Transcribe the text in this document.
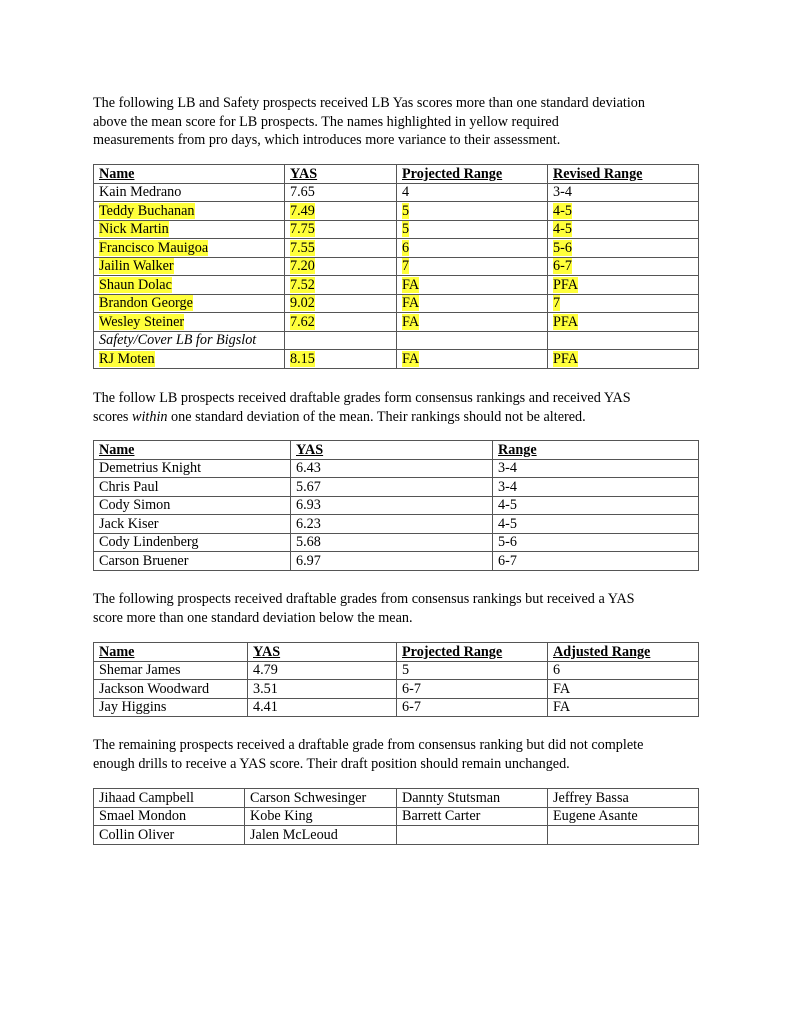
The following LB and Safety prospects received LB Yas scores more than one standard deviation
above the mean score for LB prospects. The names highlighted in yellow required
measurements from pro days, which introduces more variance to their assessment.
Name	YAS	Projected Range	Revised Range
Kain Medrano	7.65	4	3-4
Teddy Buchanan	7.49	5	4-5
Nick Martin	7.75	5	4-5
Francisco Mauigoa	7.55	6	5-6
Jailin Walker	7.20	7	6-7
Shaun Dolac	7.52	FA	PFA
Brandon George	9.02	FA	7
Wesley Steiner	7.62	FA	PFA
Safety/Cover LB for Bigslot			
RJ Moten	8.15	FA	PFA
The follow LB prospects received draftable grades form consensus rankings and received YAS
scores within one standard deviation of the mean. Their rankings should not be altered.
Name	YAS	Range
Demetrius Knight	6.43	3-4
Chris Paul	5.67	3-4
Cody Simon	6.93	4-5
Jack Kiser	6.23	4-5
Cody Lindenberg	5.68	5-6
Carson Bruener	6.97	6-7
The following prospects received draftable grades from consensus rankings but received a YAS
score more than one standard deviation below the mean.
Name	YAS	Projected Range	Adjusted Range
Shemar James	4.79	5	6
Jackson Woodward	3.51	6-7	FA
Jay Higgins	4.41	6-7	FA
The remaining prospects received a draftable grade from consensus ranking but did not complete
enough drills to receive a YAS score. Their draft position should remain unchanged.
Jihaad Campbell	Carson Schwesinger	Dannty Stutsman	Jeffrey Bassa
Smael Mondon	Kobe King	Barrett Carter	Eugene Asante
Collin Oliver	Jalen McLeoud		
